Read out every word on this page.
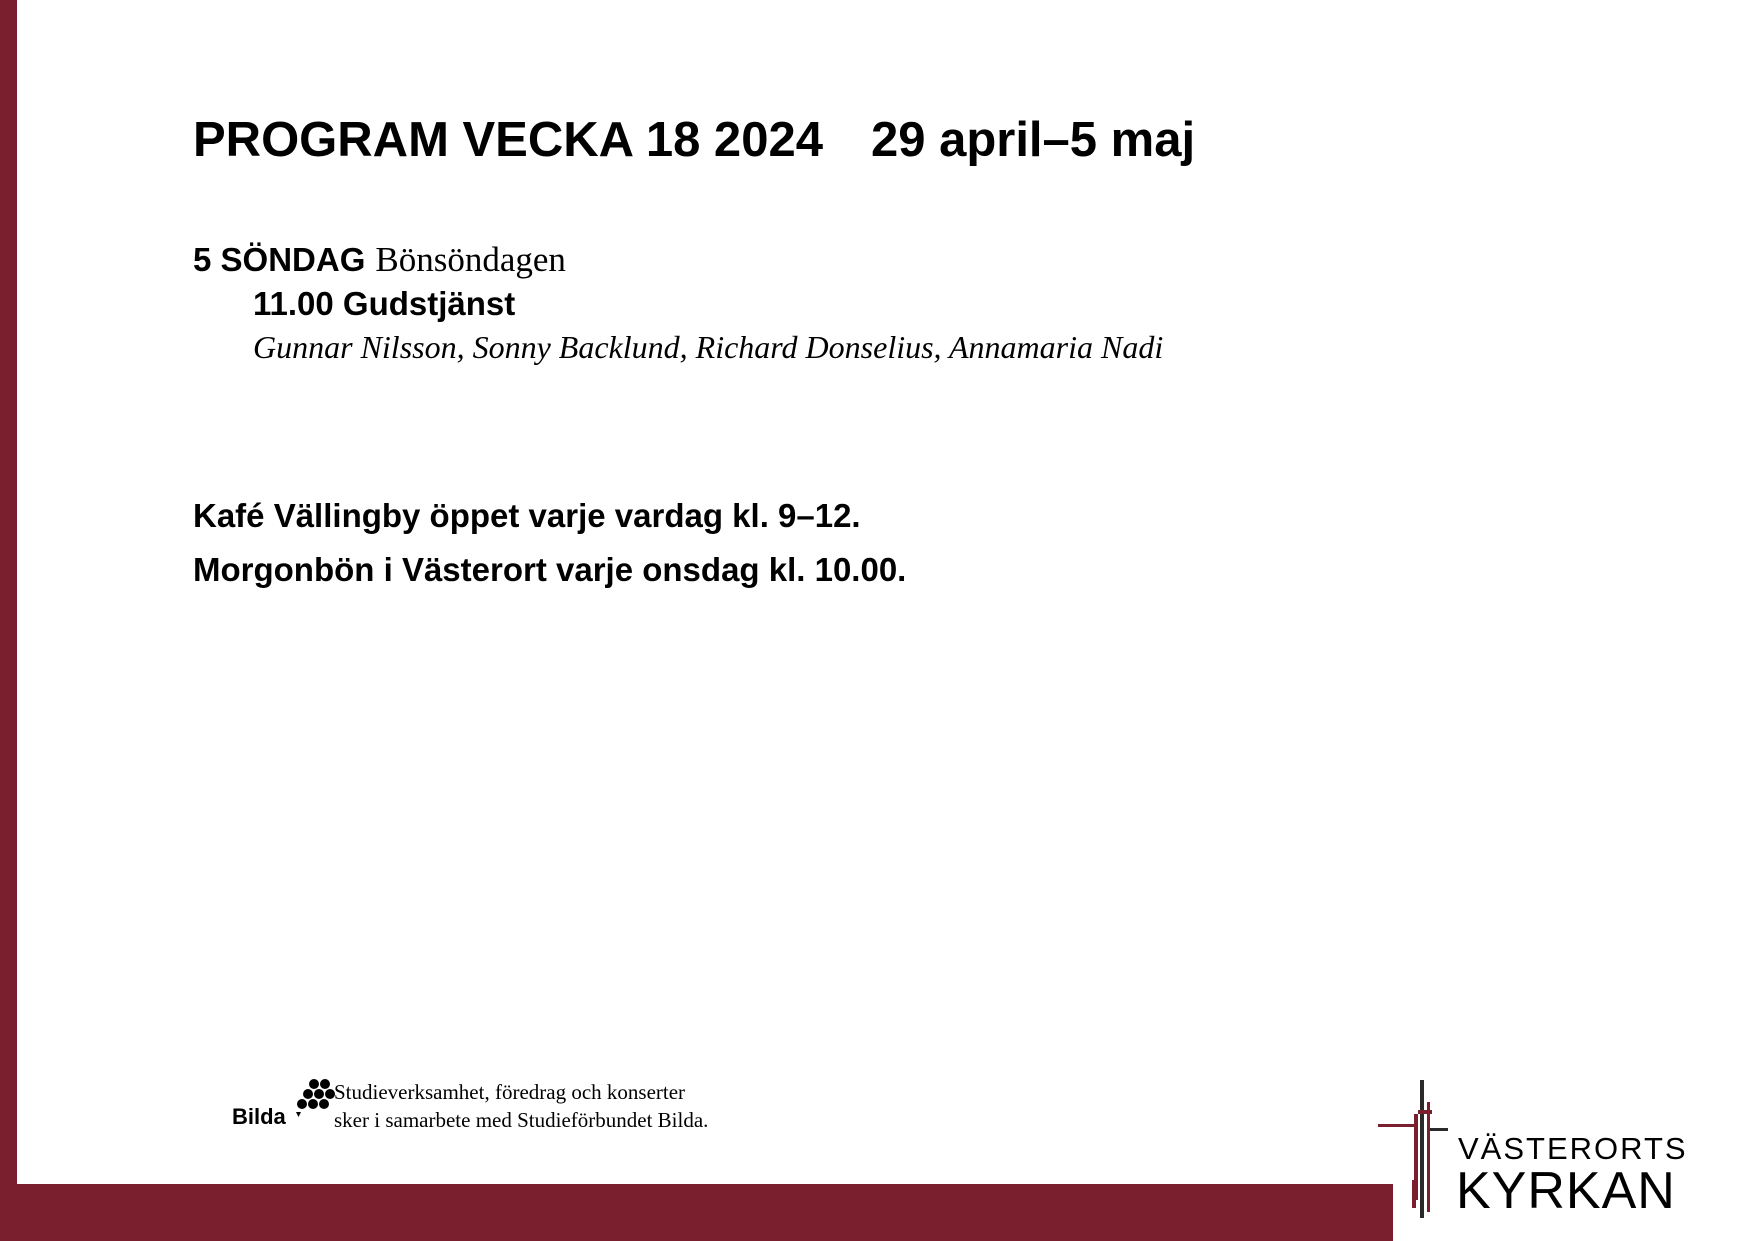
PROGRAM VECKA 18 2024 29 april–5 maj
5 SÖNDAG Bönsöndagen
11.00 Gudstjänst
Gunnar Nilsson, Sonny Backlund, Richard Donselius, Annamaria Nadi
Kafé Vällingby öppet varje vardag kl. 9–12.
Morgonbön i Västerort varje onsdag kl. 10.00.
Bilda
Studieverksamhet, föredrag och konserter
sker i samarbete med Studieförbundet Bilda.
VÄSTERORTS
KYRKAN
